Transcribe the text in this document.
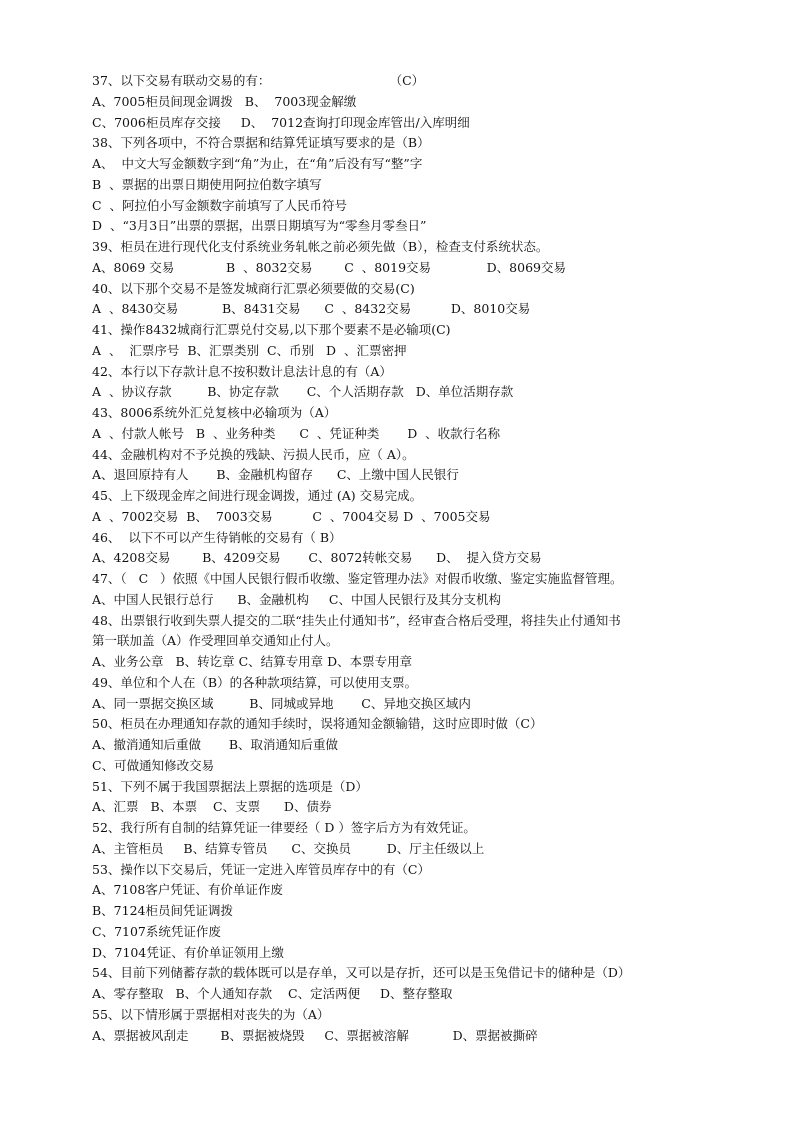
37、以下交易有联动交易的有：                              （C）
A、7005柜员间现金调拨   B、  7003现金解缴
C、7006柜员库存交接     D、  7012查询打印现金库管出/入库明细
38、下列各项中，不符合票据和结算凭证填写要求的是（B）
A、  中文大写金额数字到“角”为止，在“角”后没有写“整”字
B  、票据的出票日期使用阿拉伯数字填写
C  、阿拉伯小写金额数字前填写了人民币符号
D  、“3月3日”出票的票据，出票日期填写为“零叁月零叁日”
39、柜员在进行现代化支付系统业务轧帐之前必须先做（B），检查支付系统状态。
A、8069 交易             B  、8032交易        C  、8019交易              D、8069交易
40、以下那个交易不是签发城商行汇票必须要做的交易(C)
A  、8430交易           B、8431交易      C  、8432交易          D、8010交易
41、操作8432城商行汇票兑付交易,以下那个要素不是必输项(C)
A  、  汇票序号  B、汇票类别  C、币别   D  、汇票密押
42、本行以下存款计息不按积数计息法计息的有（A）
A  、协议存款         B、协定存款       C、个人活期存款   D、单位活期存款
43、8006系统外汇兑复核中必输项为（A）
A  、付款人帐号   B  、业务种类      C  、凭证种类       D  、收款行名称
44、金融机构对不予兑换的残缺、污损人民币，应（ A）。
A、退回原持有人       B、金融机构留存      C、上缴中国人民银行
45、上下级现金库之间进行现金调拨，通过 (A) 交易完成。
A  、7002交易  B、  7003交易          C  、7004交易 D  、7005交易
46、  以下不可以产生待销帐的交易有（ B）
A、4208交易        B、4209交易       C、8072转帐交易      D、  提入贷方交易
47、（   C   ）依照《中国人民银行假币收缴、鉴定管理办法》对假币收缴、鉴定实施监督管理。
A、中国人民银行总行      B、金融机构     C、中国人民银行及其分支机构
48、出票银行收到失票人提交的二联“挂失止付通知书”，经审查合格后受理，将挂失止付通知书
第一联加盖（A）作受理回单交通知止付人。
A、业务公章   B、转讫章 C、结算专用章 D、本票专用章
49、单位和个人在（B）的各种款项结算，可以使用支票。
A、同一票据交换区域         B、同城或异地       C、异地交换区域内
50、柜员在办理通知存款的通知手续时，误将通知金额输错，这时应即时做（C）
A、撤消通知后重做       B、取消通知后重做
C、可做通知修改交易
51、下列不属于我国票据法上票据的选项是（D）
A、汇票   B、本票    C、支票      D、债券
52、我行所有自制的结算凭证一律要经（ D ）签字后方为有效凭证。
A、主管柜员     B、结算专管员      C、交换员         D、厅主任级以上
53、操作以下交易后，凭证一定进入库管员库存中的有（C）
A、7108客户凭证、有价单证作废
B、7124柜员间凭证调拨
C、7107系统凭证作废
D、7104凭证、有价单证领用上缴
54、目前下列储蓄存款的载体既可以是存单，又可以是存折，还可以是玉兔借记卡的储种是（D）
A、零存整取   B、个人通知存款    C、定活两便     D、整存整取
55、以下情形属于票据相对丧失的为（A）
A、票据被风刮走        B、票据被烧毁     C、票据被溶解           D、票据被撕碎
